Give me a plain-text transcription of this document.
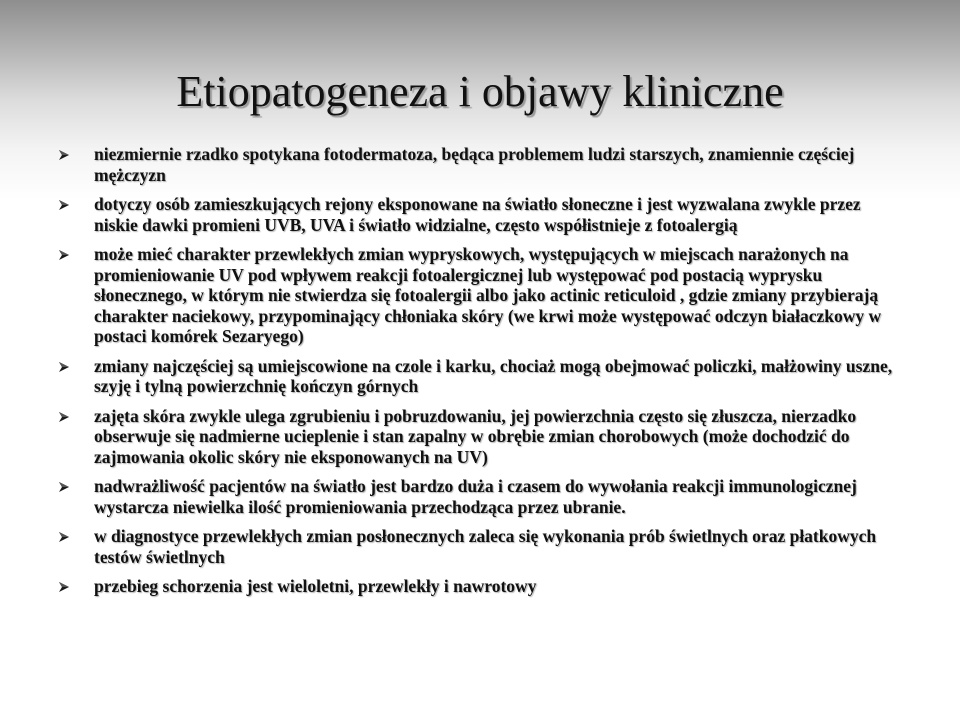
Etiopatogeneza i objawy kliniczne
niezmiernie rzadko spotykana fotodermatoza, będąca problemem ludzi starszych, znamiennie częściej mężczyzn
dotyczy osób zamieszkujących rejony eksponowane na światło słoneczne i jest wyzwalana zwykle przez niskie dawki promieni UVB, UVA i światło widzialne, często współistnieje z fotoalergią
może mieć charakter przewlekłych zmian wypryskowych, występujących w miejscach narażonych na promieniowanie UV pod wpływem reakcji fotoalergicznej lub występować pod postacią wyprysku słonecznego, w którym nie stwierdza się fotoalergii albo jako actinic reticuloid , gdzie zmiany przybierają charakter naciekowy, przypominający chłoniaka skóry (we krwi może występować odczyn białaczkowy w postaci komórek Sezaryego)
zmiany najczęściej są umiejscowione na czole i karku, chociaż mogą obejmować policzki, małżowiny uszne, szyję i tylną powierzchnię kończyn górnych
zajęta skóra zwykle ulega zgrubieniu i pobruzdowaniu, jej powierzchnia często się złuszcza, nierzadko obserwuje się nadmierne ucieplenie i stan zapalny w obrębie zmian chorobowych (może dochodzić do zajmowania okolic skóry nie eksponowanych na UV)
nadwrażliwość pacjentów na światło jest bardzo duża i czasem do wywołania reakcji immunologicznej wystarcza niewielka ilość promieniowania przechodząca przez ubranie.
w diagnostyce przewlekłych zmian posłonecznych zaleca się wykonania prób świetlnych oraz płatkowych testów świetlnych
przebieg schorzenia jest wieloletni, przewlekły i nawrotowy
